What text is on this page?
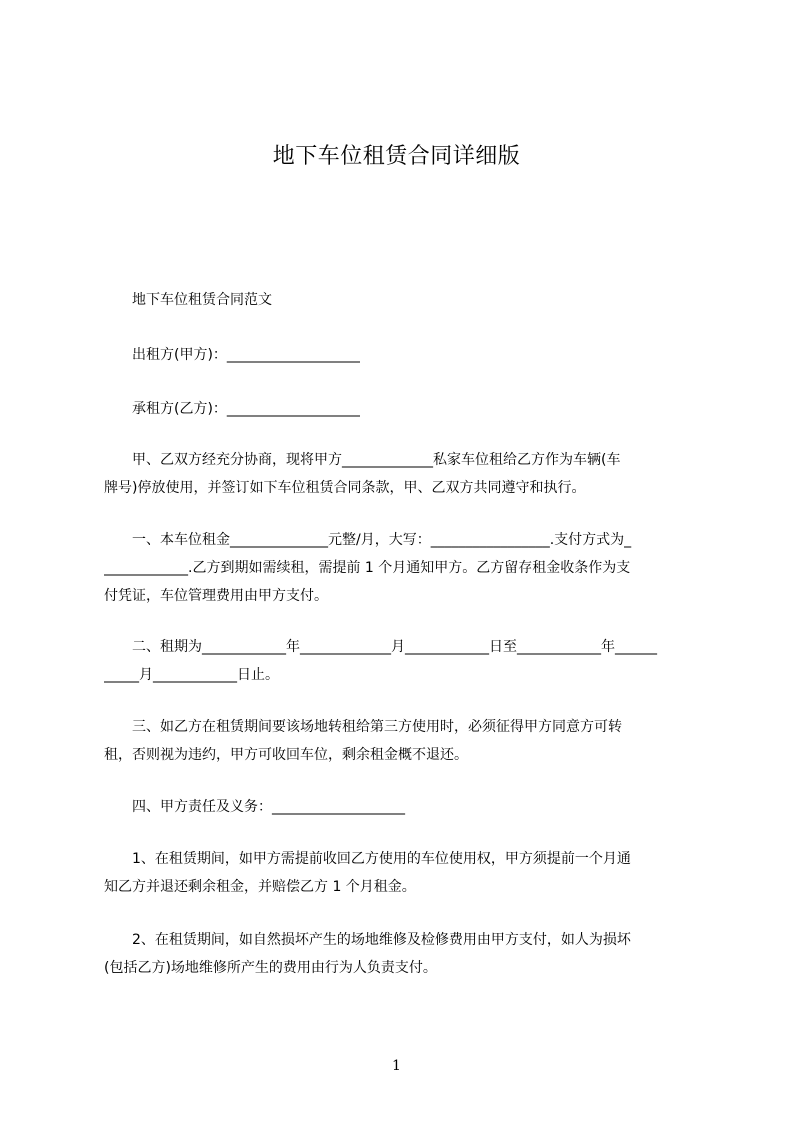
地下车位租赁合同详细版

　　地下车位租赁合同范文

　　出租方(甲方)：___________________

　　承租方(乙方)：___________________

　　甲、乙双方经充分协商，现将甲方_____________私家车位租给乙方作为车辆(车
牌号)停放使用，并签订如下车位租赁合同条款，甲、乙双方共同遵守和执行。

　　一、本车位租金______________元整/月，大写：_________________.支付方式为_
____________.乙方到期如需续租，需提前 1 个月通知甲方。乙方留存租金收条作为支
付凭证，车位管理费用由甲方支付。

　　二、租期为____________年_____________月____________日至____________年______
_____月____________日止。

　　三、如乙方在租赁期间要该场地转租给第三方使用时，必须征得甲方同意方可转
租，否则视为违约，甲方可收回车位，剩余租金概不退还。

　　四、甲方责任及义务：___________________

　　1、在租赁期间，如甲方需提前收回乙方使用的车位使用权，甲方须提前一个月通
知乙方并退还剩余租金，并赔偿乙方 1 个月租金。

　　2、在租赁期间，如自然损坏产生的场地维修及检修费用由甲方支付，如人为损坏
(包括乙方)场地维修所产生的费用由行为人负责支付。

1
